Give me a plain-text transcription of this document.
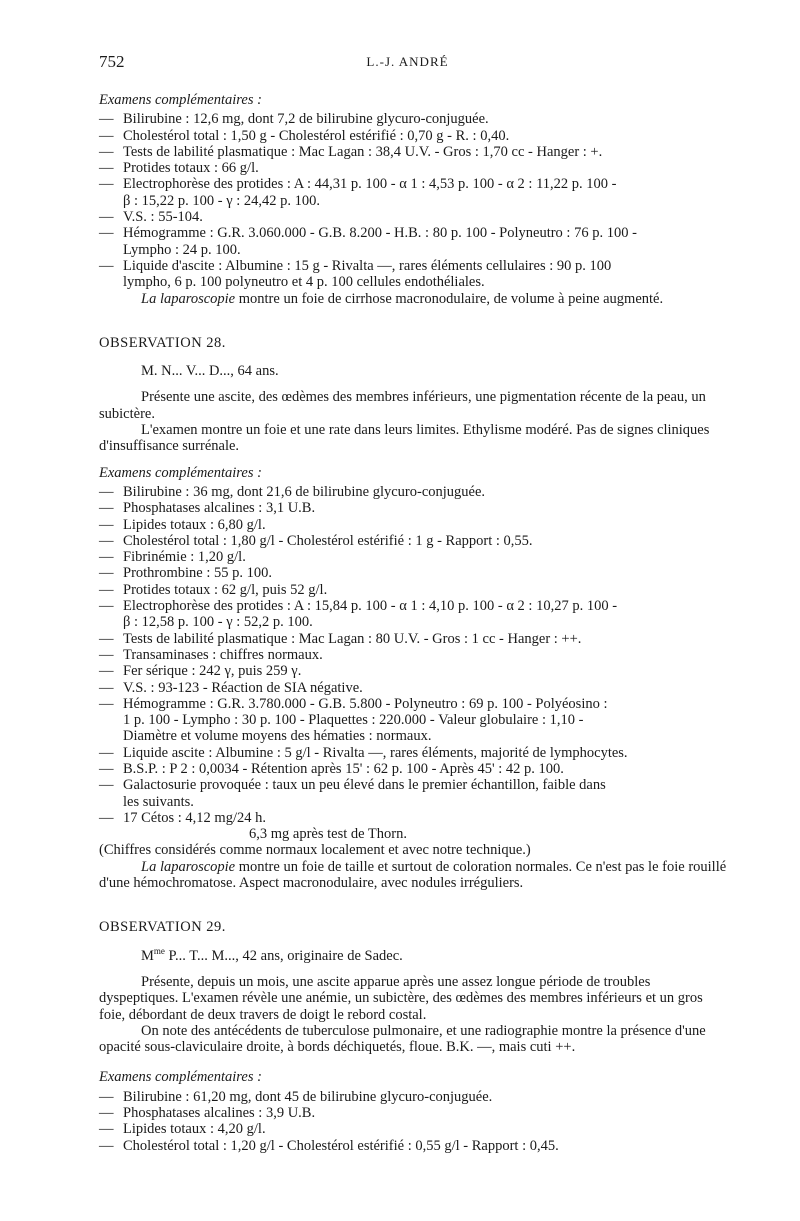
752	L.-J. ANDRÉ

Examens complémentaires :

— Bilirubine : 12,6 mg, dont 7,2 de bilirubine glycuro-conjuguée.
— Cholestérol total : 1,50 g - Cholestérol estérifié : 0,70 g - R. : 0,40.
— Tests de labilité plasmatique : Mac Lagan : 38,4 U.V. - Gros : 1,70 cc - Hanger : +.
— Protides totaux : 66 g/l.
— Electrophorèse des protides : A : 44,31 p. 100 - α 1 : 4,53 p. 100 - α 2 : 11,22 p. 100 -

β : 15,22 p. 100 - γ : 24,42 p. 100.

— V.S. : 55-104.
— Hémogramme : G.R. 3.060.000 - G.B. 8.200 - H.B. : 80 p. 100 - Polyneutro : 76 p. 100 -

Lympho : 24 p. 100.

— Liquide d'ascite : Albumine : 15 g - Rivalta —, rares éléments cellulaires : 90 p. 100

lympho, 6 p. 100 polyneutro et 4 p. 100 cellules endothéliales.

La laparoscopie montre un foie de cirrhose macronodulaire, de volume à peine augmenté.

OBSERVATION 28.

M. N... V... D..., 64 ans.

Présente une ascite, des œdèmes des membres inférieurs, une pigmentation récente de la peau, un subictère.

L'examen montre un foie et une rate dans leurs limites. Ethylisme modéré. Pas de signes cliniques d'insuffisance surrénale.

Examens complémentaires :

— Bilirubine : 36 mg, dont 21,6 de bilirubine glycuro-conjuguée.
— Phosphatases alcalines : 3,1 U.B.
— Lipides totaux : 6,80 g/l.
— Cholestérol total : 1,80 g/l - Cholestérol estérifié : 1 g - Rapport : 0,55.
— Fibrinémie : 1,20 g/l.
— Prothrombine : 55 p. 100.
— Protides totaux : 62 g/l, puis 52 g/l.
— Electrophorèse des protides : A : 15,84 p. 100 - α 1 : 4,10 p. 100 - α 2 : 10,27 p. 100 -

β : 12,58 p. 100 - γ : 52,2 p. 100.

— Tests de labilité plasmatique : Mac Lagan : 80 U.V. - Gros : 1 cc - Hanger : ++.
— Transaminases : chiffres normaux.
— Fer sérique : 242 γ, puis 259 γ.
— V.S. : 93-123 - Réaction de SIA négative.
— Hémogramme : G.R. 3.780.000 - G.B. 5.800 - Polyneutro : 69 p. 100 - Polyéosino :

1 p. 100 - Lympho : 30 p. 100 - Plaquettes : 220.000 - Valeur globulaire : 1,10 -

Diamètre et volume moyens des hématies : normaux.

— Liquide ascite : Albumine : 5 g/l - Rivalta —, rares éléments, majorité de lymphocytes.
— B.S.P. : P 2 : 0,0034 - Rétention après 15' : 62 p. 100 - Après 45' : 42 p. 100.
— Galactosurie provoquée : taux un peu élevé dans le premier échantillon, faible dans

les suivants.

— 17 Cétos : 4,12 mg/24 h.

6,3 mg après test de Thorn.

(Chiffres considérés comme normaux localement et avec notre technique.)

La laparoscopie montre un foie de taille et surtout de coloration normales. Ce n'est pas le foie rouillé d'une hémochromatose. Aspect macronodulaire, avec nodules irréguliers.

OBSERVATION 29.

$M^{me}$ P... T... M..., 42 ans, originaire de Sadec.

Présente, depuis un mois, une ascite apparue après une assez longue période de troubles dyspeptiques. L'examen révèle une anémie, un subictère, des œdèmes des membres inférieurs et un gros foie, débordant de deux travers de doigt le rebord costal.

On note des antécédents de tuberculose pulmonaire, et une radiographie montre la présence d'une opacité sous-claviculaire droite, à bords déchiquetés, floue. B.K. —, mais cuti ++.

Examens complémentaires :

— Bilirubine : 61,20 mg, dont 45 de bilirubine glycuro-conjuguée.
— Phosphatases alcalines : 3,9 U.B.
— Lipides totaux : 4,20 g/l.
— Cholestérol total : 1,20 g/l - Cholestérol estérifié : 0,55 g/l - Rapport : 0,45.
